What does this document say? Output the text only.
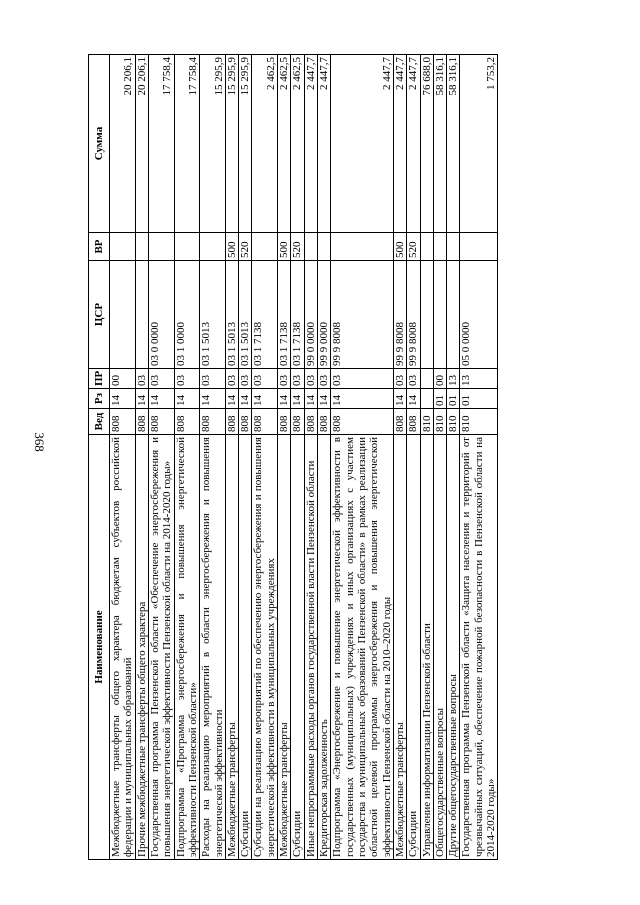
368
Наименование	Вед	Рз	ПР	ЦСР	ВР	Сумма
Межбюджетные трансферты общего характера бюджетам субъектов российской федерации и муниципальных образований	808	14	00			20 206,1
Прочие межбюджетные трансферты общего характера	808	14	03			20 206,1
Государственная программа Пензенской области «Обеспечение энергосбережения и повышения энергетической эффективности Пензенской области на 2014-2020 годы»	808	14	03	03 0 0000		17 758,4
Подпрограмма «Программа энергосбережения и повышения энергетической эффективности Пензенской области»	808	14	03	03 1 0000		17 758,4
Расходы на реализацию мероприятий в области энергосбережения и повышения энергетической эффективности	808	14	03	03 1 5013		15 295,9
Межбюджетные трансферты	808	14	03	03 1 5013	500	15 295,9
Субсидии	808	14	03	03 1 5013	520	15 295,9
Субсидии на реализацию мероприятий по обеспечению энергосбережения и повышения энергетической эффективности в муниципальных учреждениях	808	14	03	03 1 7138		2 462,5
Межбюджетные трансферты	808	14	03	03 1 7138	500	2 462,5
Субсидии	808	14	03	03 1 7138	520	2 462,5
Иные непрограммные расходы органов государственной власти Пензенской области	808	14	03	99 0 0000		2 447,7
Кредиторская задолженность	808	14	03	99 9 0000		2 447,7
Подпрограмма «Энергосбережение и повышение энергетической эффективности в государственных (муниципальных) учреждениях и иных организациях с участием государства и муниципальных образований Пензенской области» в рамках реализации областной целевой программы энергосбережения и повышения энергетической эффективности Пензенской области на 2010–2020 годы	808	14	03	99 9 8008		2 447,7
Межбюджетные трансферты	808	14	03	99 9 8008	500	2 447,7
Субсидии	808	14	03	99 9 8008	520	2 447,7
Управление информатизации Пензенской области	810					76 688,0
Общегосударственные вопросы	810	01	00			58 316,1
Другие общегосударственные вопросы	810	01	13			58 316,1
Государственная программа Пензенской области «Защита населения и территорий от чрезвычайных ситуаций, обеспечение пожарной безопасности в Пензенской области на 2014-2020 годы»	810	01	13	05 0 0000		1 753,2
